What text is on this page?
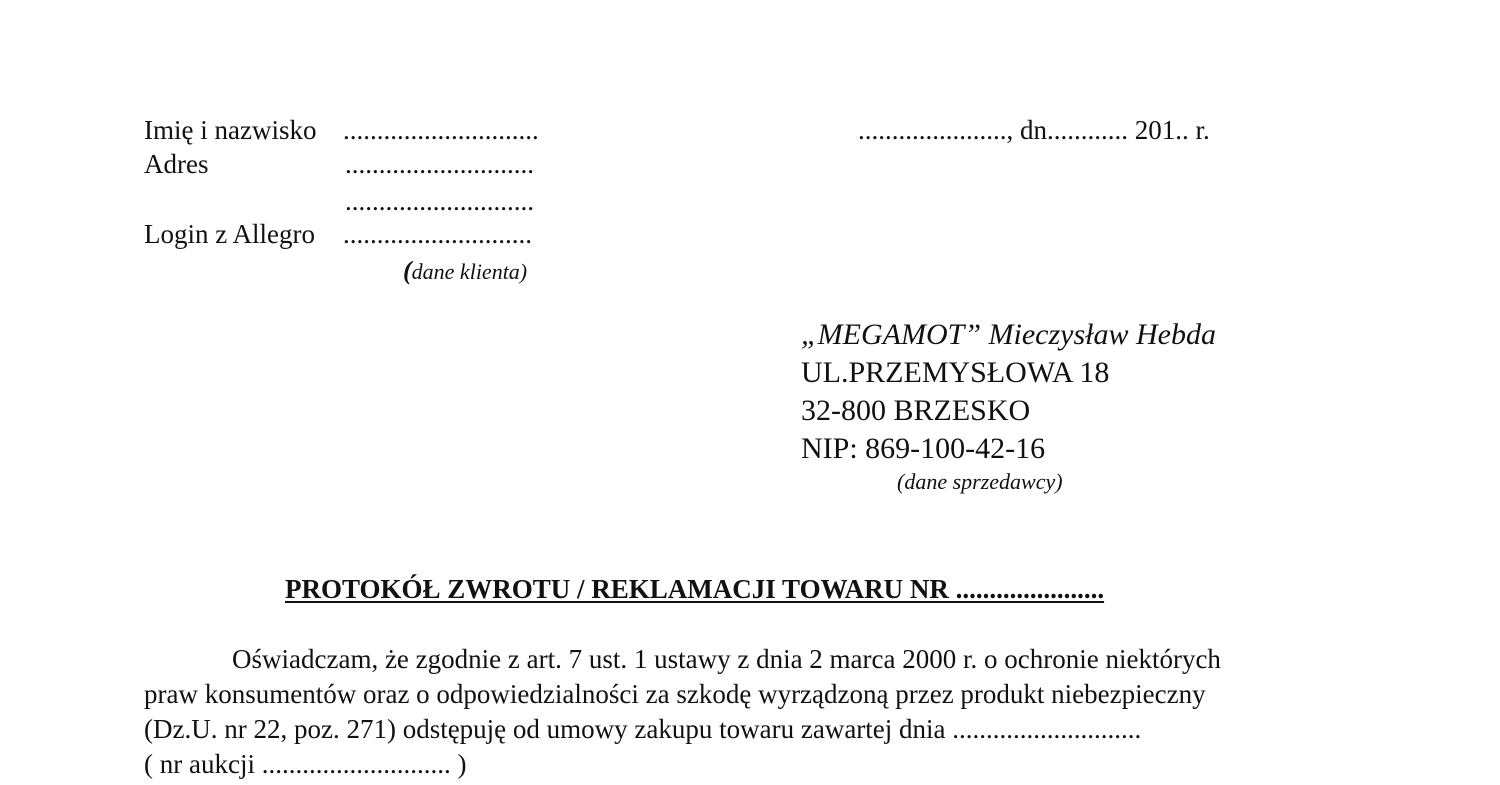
Imię i nazwisko .............................
Adres	............................
............................
Login z Allegro ............................
(dane klienta)
......................, dn............ 201.. r.
„MEGAMOT” Mieczysław Hebda
UL.PRZEMYSŁOWA 18
32-800 BRZESKO
NIP: 869-100-42-16
(dane sprzedawcy)
PROTOKÓŁ ZWROTU / REKLAMACJI TOWARU NR ......................
Oświadczam, że zgodnie z art. 7 ust. 1 ustawy z dnia 2 marca 2000 r. o ochronie niektórych
praw konsumentów oraz o odpowiedzialności za szkodę wyrządzoną przez produkt niebezpieczny
(Dz.U. nr 22, poz. 271) odstępuję od umowy zakupu towaru zawartej dnia ............................
( nr aukcji ............................ )
